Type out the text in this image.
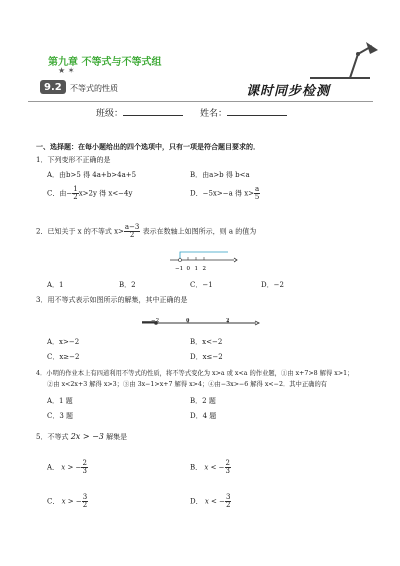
★ ✶
第九章 不等式与不等式组
9.2 不等式的性质	课时同步检测
班级：	姓名：
一、选择题：在每小题给出的四个选项中，只有一项是符合题目要求的．
1．下列变形不正确的是
A．由b>5 得 4a+b>4a+5	B．由a>b 得 b<a
C．由− $\frac{1}{2} x>2y$ 得 x<−4y	D．−5x>−a 得 $x> \frac{a}{5}$
2．已知关于 x 的不等式 $x> \frac{a-3}{2}$ 表示在数轴上如图所示，则 a 的值为
−1 0 1 2
A．1	B．2	C．−1	D．−2
3．用不等式表示如图所示的解集，其中正确的是
−2	0	2
A．x>−2	B．x<−2
C．x≥−2	D．x≤−2
4．小明的作业本上有四道利用不等式的性质，将不等式变化为 x>a 或 x<a 的作业题，①由 x+7>8 解得 x>1；
②由 x<2x+3 解得 x>3；③由 3x−1>x+7 解得 x>4；④由−3x>−6 解得 x<−2．其中正确的有
A．1 题	B．2 题
C．3 题	D．4 题
5．不等式 2x > −3 解集是
A． x > − $\frac{2}{3}$	B． x < − $\frac{2}{3}$
C． x > − $\frac{3}{2}$	D． x < − $\frac{3}{2}$
